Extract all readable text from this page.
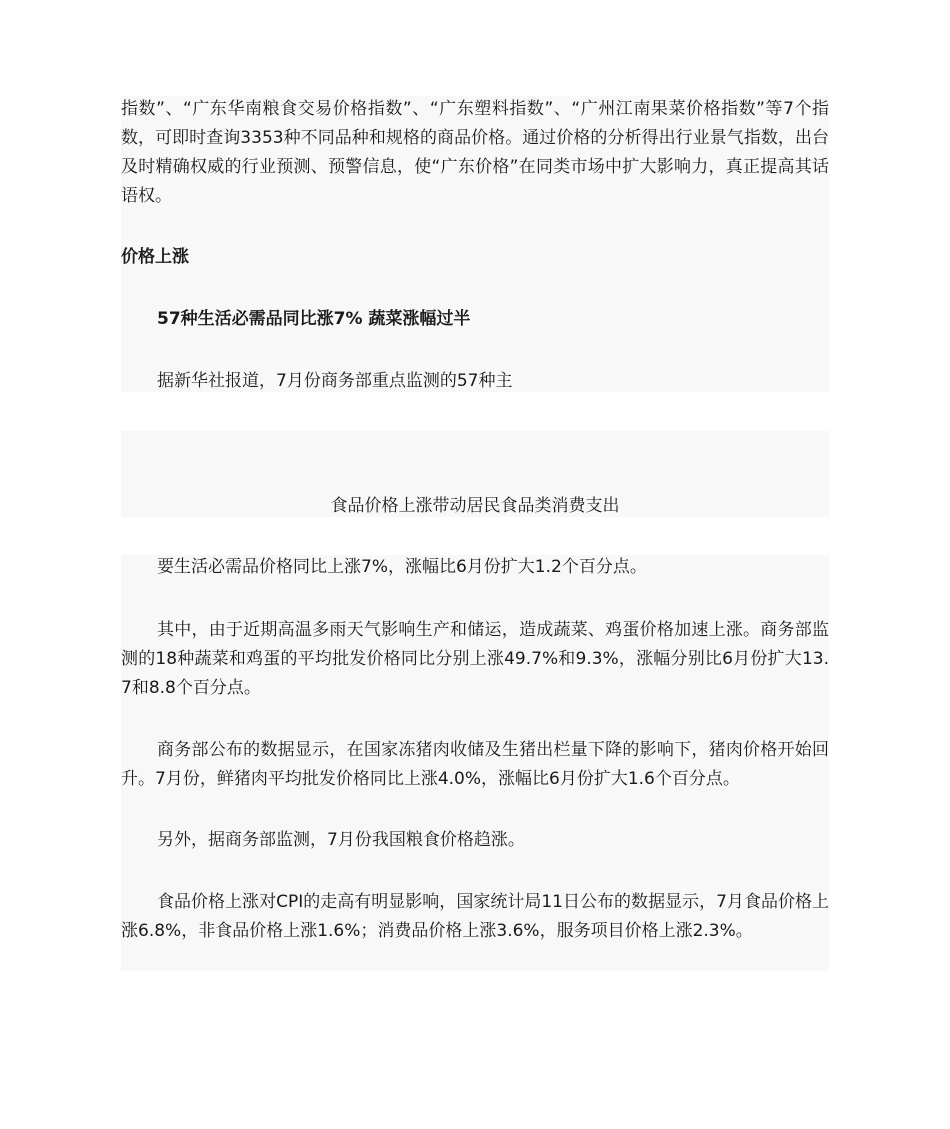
指数”、“广东华南粮食交易价格指数”、“广东塑料指数”、“广州江南果菜价格指数”等7个指数，可即时查询3353种不同品种和规格的商品价格。通过价格的分析得出行业景气指数，出台及时精确权威的行业预测、预警信息，使“广东价格”在同类市场中扩大影响力，真正提高其话语权。

价格上涨

57种生活必需品同比涨7% 蔬菜涨幅过半

据新华社报道，7月份商务部重点监测的57种主

食品价格上涨带动居民食品类消费支出

要生活必需品价格同比上涨7%，涨幅比6月份扩大1.2个百分点。

其中，由于近期高温多雨天气影响生产和储运，造成蔬菜、鸡蛋价格加速上涨。商务部监测的18种蔬菜和鸡蛋的平均批发价格同比分别上涨49.7%和9.3%，涨幅分别比6月份扩大13.7和8.8个百分点。

商务部公布的数据显示，在国家冻猪肉收储及生猪出栏量下降的影响下，猪肉价格开始回升。7月份，鲜猪肉平均批发价格同比上涨4.0%，涨幅比6月份扩大1.6个百分点。

另外，据商务部监测，7月份我国粮食价格趋涨。

食品价格上涨对CPI的走高有明显影响，国家统计局11日公布的数据显示，7月食品价格上涨6.8%，非食品价格上涨1.6%；消费品价格上涨3.6%，服务项目价格上涨2.3%。
